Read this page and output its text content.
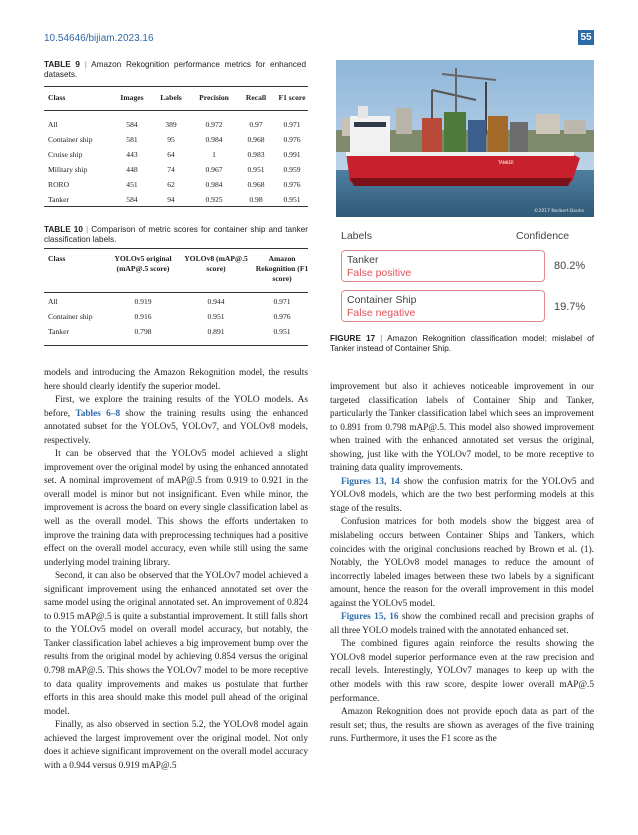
10.54646/bijiam.2023.16	55
TABLE 9 | Amazon Rekognition performance metrics for enhanced datasets.
Class	Images	Labels	Precision	Recall	F1 score
All	584	389	0.972	0.97	0.971
Container ship	581	95	0.984	0.968	0.976
Cruise ship	443	64	1	0.983	0.991
Military ship	448	74	0.967	0.951	0.959
RORO	451	62	0.984	0.968	0.976
Tanker	584	94	0.925	0.98	0.951
TABLE 10 | Comparison of metric scores for container ship and tanker classification labels.
Class	YOLOv5 original (mAP@.5 score)	YOLOv8 (mAP@.5 score)	Amazon Rekognition (F1 score)
All	0.919	0.944	0.971
Container ship	0.916	0.951	0.976
Tanker	0.798	0.891	0.951
TANKER
©2017 Norbert Bauhs
Labels	Confidence
Tanker
False positive
80.2%
Container Ship
False negative	19.7%
FIGURE 17 | Amazon Rekognition classification model: mislabel of Tanker instead of Container Ship.

models and introducing the Amazon Rekognition model, the results here should clearly identify the superior model.

First, we explore the training results of the YOLO models. As before, Tables 6–8 show the training results using the enhanced annotated subset for the YOLOv5, YOLOv7, and YOLOv8 models, respectively.

It can be observed that the YOLOv5 model achieved a slight improvement over the original model by using the enhanced annotated set. A nominal improvement of mAP@.5 from 0.919 to 0.921 in the overall model is minor but not insignificant. Even while minor, the improvement is across the board on every single classification label as well as the overall model. This shows the efforts undertaken to improve the training data with preprocessing techniques had a positive effect on the overall model accuracy, even while still using the same underlying model training library.

Second, it can also be observed that the YOLOv7 model achieved a significant improvement using the enhanced annotated set over the same model using the original annotated set. An improvement of 0.824 to 0.915 mAP@.5 is quite a substantial improvement. It still falls short to the YOLOv5 model on overall model accuracy, but notably, the Tanker classification label achieves a big improvement bump over the results from the original model by achieving 0.854 versus the original 0.798 mAP@.5. This shows the YOLOv7 model to be more receptive to data quality improvements and makes us postulate that further efforts in this area should make this model pull ahead of the original model.

Finally, as also observed in section 5.2, the YOLOv8 model again achieved the largest improvement over the original model. Not only does it achieve significant improvement on the overall model accuracy with a 0.944 versus 0.919 mAP@.5

improvement but also it achieves noticeable improvement in our targeted classification labels of Container Ship and Tanker, particularly the Tanker classification label which sees an improvement to 0.891 from 0.798 mAP@.5. This model also showed improvement when trained with the enhanced annotated set versus the original, showing, just like with the YOLOv7 model, to be more receptive to training data quality improvements.

Figures 13, 14 show the confusion matrix for the YOLOv5 and YOLOv8 models, which are the two best performing models at this stage of the results.

Confusion matrices for both models show the biggest area of mislabeling occurs between Container Ships and Tankers, which coincides with the original conclusions reached by Brown et al. (1). Notably, the YOLOv8 model manages to reduce the amount of incorrectly labeled images between these two labels by a significant amount, hence the reason for the overall improvement in this model against the YOLOv5 model.

Figures 15, 16 show the combined recall and precision graphs of all three YOLO models trained with the annotated enhanced set.

The combined figures again reinforce the results showing the YOLOv8 model superior performance even at the raw precision and recall levels. Interestingly, YOLOv7 manages to keep up with the other models with this raw score, despite lower overall mAP@.5 performance.

Amazon Rekognition does not provide epoch data as part of the result set; thus, the results are shown as averages of the five training runs. Furthermore, it uses the F1 score as the
